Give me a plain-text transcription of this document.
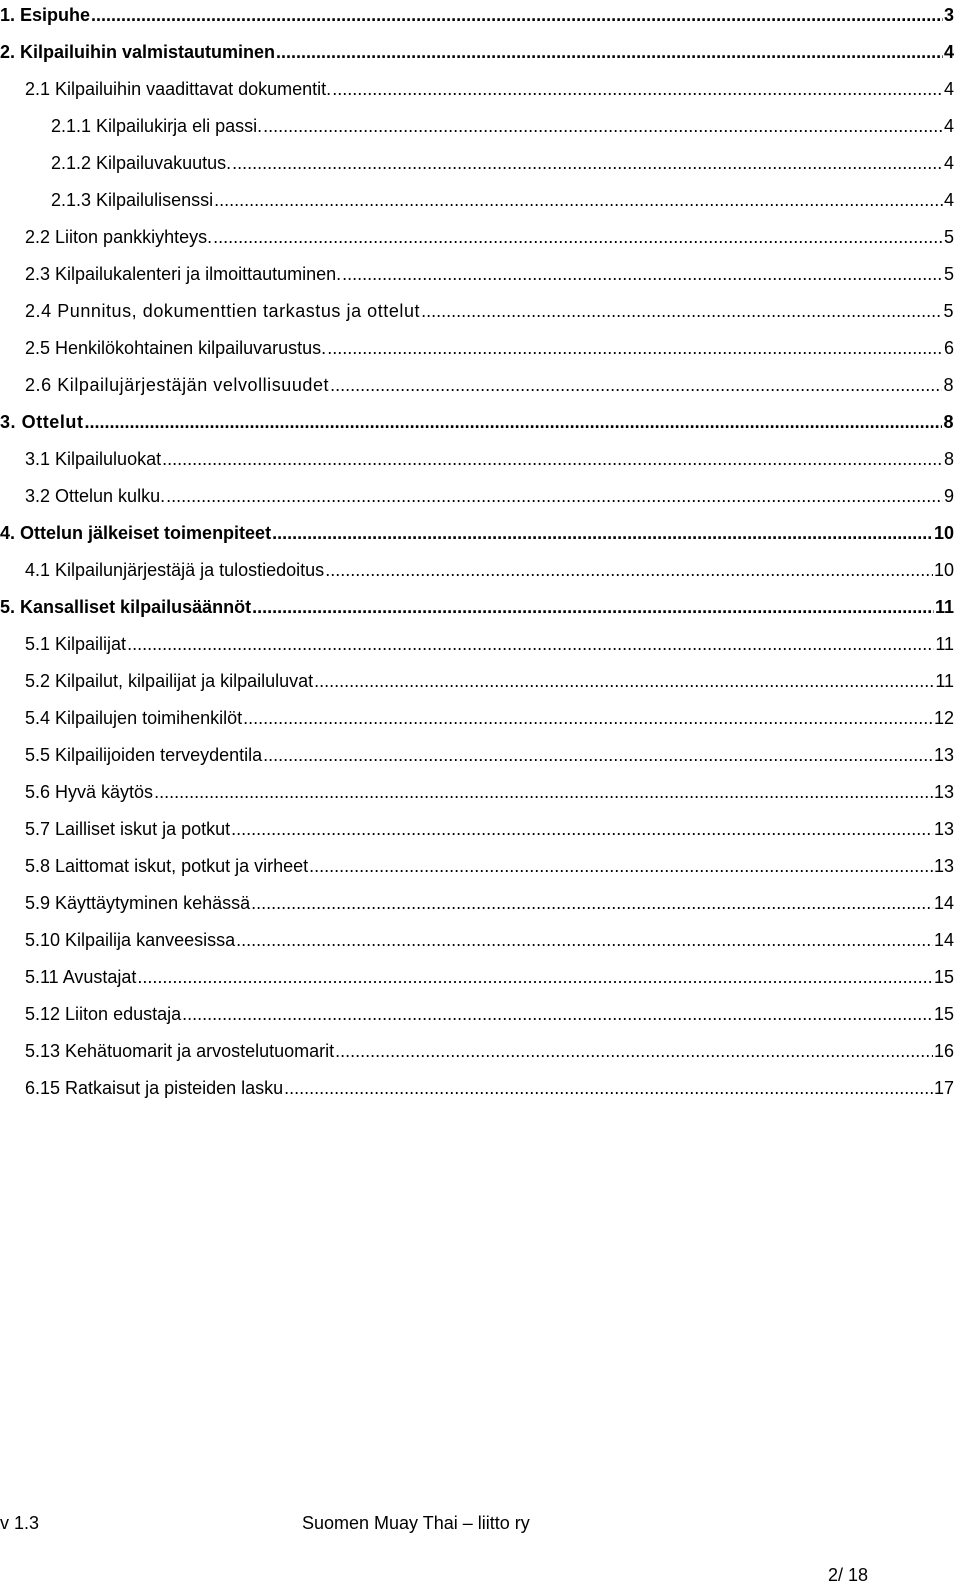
1. Esipuhe .....	3
2. Kilpailuihin valmistautuminen .....	4
2.1 Kilpailuihin vaadittavat dokumentit. .....	4
2.1.1 Kilpailukirja eli passi. .....	4
2.1.2 Kilpailuvakuutus. .....	4
2.1.3 Kilpailulisenssi .....	4
2.2 Liiton pankkiyhteys. .....	5
2.3 Kilpailukalenteri ja ilmoittautuminen. .....	5
2.4 Punnitus, dokumenttien tarkastus ja ottelut .....	5
2.5 Henkilökohtainen kilpailuvarustus. .....	6
2.6 Kilpailujärjestäjän velvollisuudet .....	8
3. Ottelut .....	8
3.1 Kilpailuluokat .....	8
3.2 Ottelun kulku. .....	9
4. Ottelun jälkeiset toimenpiteet .....	10
4.1 Kilpailunjärjestäjä ja tulostiedoitus .....	10
5. Kansalliset kilpailusäännöt .....	11
5.1 Kilpailijat .....	11
5.2 Kilpailut, kilpailijat ja kilpailuluvat .....	11
5.4 Kilpailujen toimihenkilöt .....	12
5.5 Kilpailijoiden terveydentila .....	13
5.6 Hyvä käytös .....	13
5.7 Lailliset iskut ja potkut .....	13
5.8 Laittomat iskut, potkut ja virheet .....	13
5.9 Käyttäytyminen kehässä .....	14
5.10 Kilpailija kanveesissa .....	14
5.11 Avustajat .....	15
5.12 Liiton edustaja .....	15
5.13 Kehätuomarit ja arvostelutuomarit .....	16
6.15 Ratkaisut ja pisteiden lasku .....	17
v 1.3	Suomen Muay Thai – liitto ry
2/ 18
